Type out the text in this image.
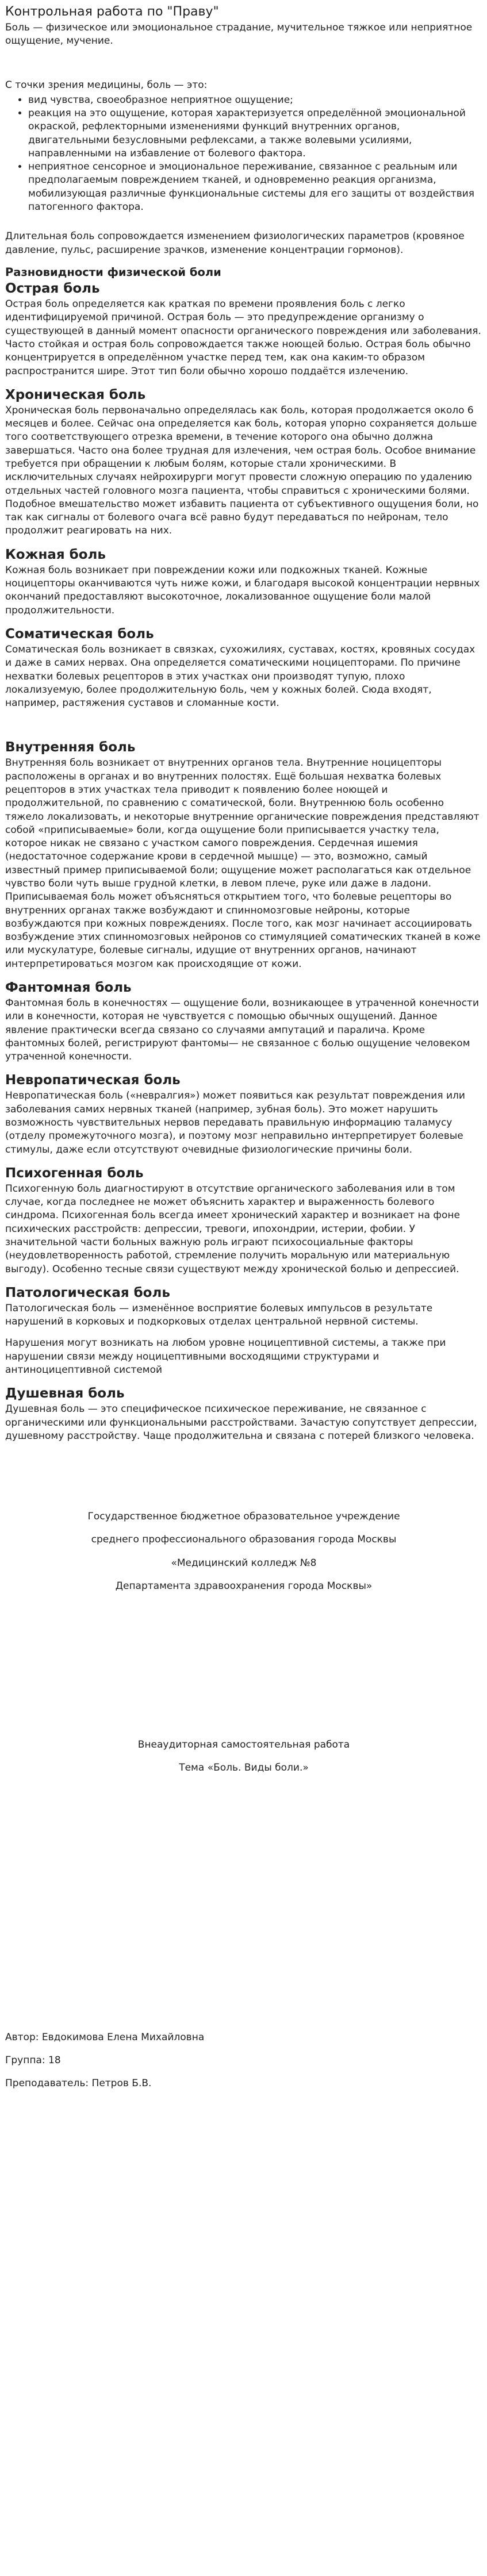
Контрольная работа по "Праву"

Боль — физическое или эмоциональное страдание, мучительное тяжкое или неприятное ощущение, мучение.

С точки зрения медицины, боль — это:

• вид чувства, своеобразное неприятное ощущение;
• реакция на это ощущение, которая характеризуется определённой эмоциональной окраской, рефлекторными изменениями функций внутренних органов, двигательными безусловными рефлексами, а также волевыми усилиями, направленными на избавление от болевого фактора.
• неприятное сенсорное и эмоциональное переживание, связанное с реальным или предполагаемым повреждением тканей, и одновременно реакция организма, мобилизующая различные функциональные системы для его защиты от воздействия патогенного фактора.

Длительная боль сопровождается изменением физиологических параметров (кровяное давление, пульс, расширение зрачков, изменение концентрации гормонов).

Разновидности физической боли
Острая боль

Острая боль определяется как краткая по времени проявления боль с легко идентифицируемой причиной. Острая боль — это предупреждение организму о существующей в данный момент опасности органического повреждения или заболевания. Часто стойкая и острая боль сопровождается также ноющей болью. Острая боль обычно концентрируется в определённом участке перед тем, как она каким-то образом распространится шире. Этот тип боли обычно хорошо поддаётся излечению.

Хроническая боль

Хроническая боль первоначально определялась как боль, которая продолжается около 6 месяцев и более. Сейчас она определяется как боль, которая упорно сохраняется дольше того соответствующего отрезка времени, в течение которого она обычно должна завершаться. Часто она более трудная для излечения, чем острая боль. Особое внимание требуется при обращении к любым болям, которые стали хроническими. В исключительных случаях нейрохирурги могут провести сложную операцию по удалению отдельных частей головного мозга пациента, чтобы справиться с хроническими болями. Подобное вмешательство может избавить пациента от субъективного ощущения боли, но так как сигналы от болевого очага всё равно будут передаваться по нейронам, тело продолжит реагировать на них.

Кожная боль

Кожная боль возникает при повреждении кожи или подкожных тканей. Кожные ноцицепторы оканчиваются чуть ниже кожи, и благодаря высокой концентрации нервных окончаний предоставляют высокоточное, локализованное ощущение боли малой продолжительности.

Соматическая боль

Соматическая боль возникает в связках, сухожилиях, суставах, костях, кровяных сосудах и даже в самих нервах. Она определяется соматическими ноцицепторами. По причине нехватки болевых рецепторов в этих участках они производят тупую, плохо локализуемую, более продолжительную боль, чем у кожных болей. Сюда входят, например, растяжения суставов и сломанные кости.

Внутренняя боль

Внутренняя боль возникает от внутренних органов тела. Внутренние ноцицепторы расположены в органах и во внутренних полостях. Ещё большая нехватка болевых рецепторов в этих участках тела приводит к появлению более ноющей и продолжительной, по сравнению с соматической, боли. Внутреннюю боль особенно тяжело локализовать, и некоторые внутренние органические повреждения представляют собой «приписываемые» боли, когда ощущение боли приписывается участку тела, которое никак не связано с участком самого повреждения. Сердечная ишемия (недостаточное содержание крови в сердечной мышце) — это, возможно, самый известный пример приписываемой боли; ощущение может располагаться как отдельное чувство боли чуть выше грудной клетки, в левом плече, руке или даже в ладони. Приписываемая боль может объясняться открытием того, что болевые рецепторы во внутренних органах также возбуждают и спинномозговые нейроны, которые возбуждаются при кожных повреждениях. После того, как мозг начинает ассоциировать возбуждение этих спинномозговых нейронов со стимуляцией соматических тканей в коже или мускулатуре, болевые сигналы, идущие от внутренних органов, начинают интерпретироваться мозгом как происходящие от кожи.

Фантомная боль

Фантомная боль в конечностях — ощущение боли, возникающее в утраченной конечности или в конечности, которая не чувствуется с помощью обычных ощущений. Данное явление практически всегда связано со случаями ампутаций и паралича. Кроме фантомных болей, регистрируют фантомы— не связанное с болью ощущение человеком утраченной конечности.

Невропатическая боль

Невропатическая боль («невралгия») может появиться как результат повреждения или заболевания самих нервных тканей (например, зубная боль). Это может нарушить возможность чувствительных нервов передавать правильную информацию таламусу (отделу промежуточного мозга), и поэтому мозг неправильно интерпретирует болевые стимулы, даже если отсутствуют очевидные физиологические причины боли.

Психогенная боль

Психогенную боль диагностируют в отсутствие органического заболевания или в том случае, когда последнее не может объяснить характер и выраженность болевого синдрома. Психогенная боль всегда имеет хронический характер и возникает на фоне психических расстройств: депрессии, тревоги, ипохондрии, истерии, фобии. У значительной части больных важную роль играют психосоциальные факторы (неудовлетворенность работой, стремление получить моральную или материальную выгоду). Особенно тесные связи существуют между хронической болью и депрессией.

Патологическая боль

Патологическая боль — изменённое восприятие болевых импульсов в результате нарушений в корковых и подкорковых отделах центральной нервной системы.

Нарушения могут возникать на любом уровне ноцицептивной системы, а также при нарушении связи между ноцицептивными восходящими структурами и антиноцицептивной системой

Душевная боль

Душевная боль — это специфическое психическое переживание, не связанное с органическими или функциональными расстройствами. Зачастую сопутствует депрессии, душевному расстройству. Чаще продолжительна и связана с потерей близкого человека.

Государственное бюджетное образовательное учреждение

среднего профессионального образования города Москвы

«Медицинский колледж №8

Департамента здравоохранения города Москвы»

Внеаудиторная самостоятельная работа

Тема «Боль. Виды боли.»

Автор: Евдокимова Елена Михайловна

Группа: 18

Преподаватель: Петров Б.В.
